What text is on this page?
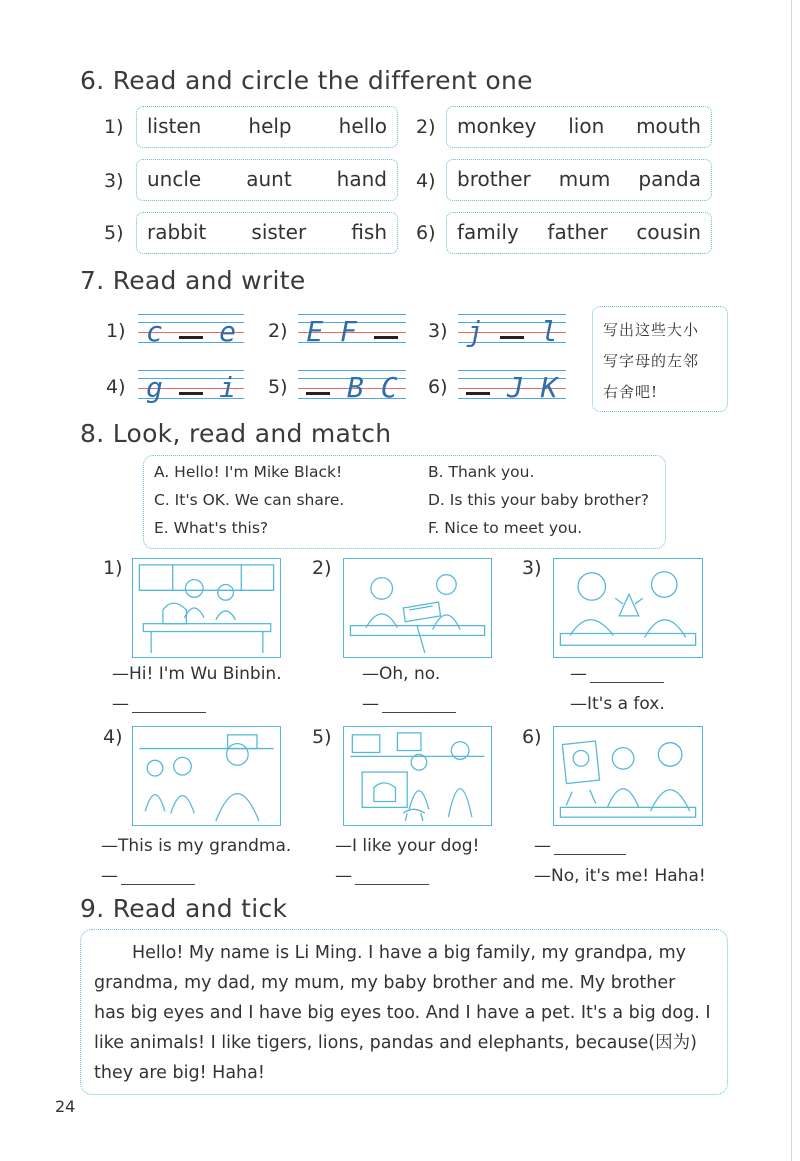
6. Read and circle the different one
1) listen help hello 2) monkey lion mouth
3) uncle aunt hand 4) brother mum panda
5) rabbit sister fish 6) family father cousin
7. Read and write
1) c e 2) E F	3) j l
4) g i 5) B C 6) J K
写出这些大小
写字母的左邻
右舍吧!
8. Look, read and match
A. Hello! I'm Mike Black!	B. Thank you.
C. It's OK. We can share.	D. Is this your baby brother?
E. What's this?	F. Nice to meet you.
1)
—Hi! I'm Wu Binbin.
—
2)
—Oh, no.
—
3)
—
—It's a fox.
4)
—This is my grandma.
—
5)
—I like your dog!
—
6)
—
—No, it's me! Haha!
9. Read and tick
Hello! My name is Li Ming. I have a big family, my grandpa, my
grandma, my dad, my mum, my baby brother and me. My brother
has big eyes and I have big eyes too. And I have a pet. It's a big dog. I
like animals! I like tigers, lions, pandas and elephants, because(因为)
they are big! Haha!
24
